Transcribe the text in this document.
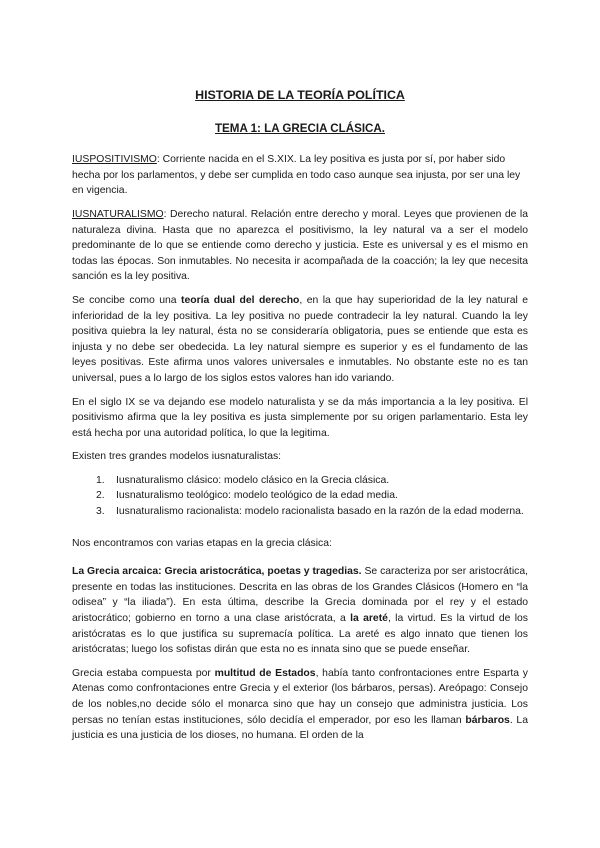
HISTORIA DE LA TEORÍA POLÍTICA
TEMA 1: LA GRECIA CLÁSICA.

IUSPOSITIVISMO: Corriente nacida en el S.XIX. La ley positiva es justa por sí, por haber sido hecha por los parlamentos, y debe ser cumplida en todo caso aunque sea injusta, por ser una ley en vigencia.

IUSNATURALISMO: Derecho natural. Relación entre derecho y moral. Leyes que provienen de la naturaleza divina. Hasta que no aparezca el positivismo, la ley natural va a ser el modelo predominante de lo que se entiende como derecho y justicia. Este es universal y es el mismo en todas las épocas. Son inmutables. No necesita ir acompañada de la coacción; la ley que necesita sanción es la ley positiva.

Se concibe como una teoría dual del derecho, en la que hay superioridad de la ley natural e inferioridad de la ley positiva. La ley positiva no puede contradecir la ley natural. Cuando la ley positiva quiebra la ley natural, ésta no se consideraría obligatoria, pues se entiende que esta es injusta y no debe ser obedecida. La ley natural siempre es superior y es el fundamento de las leyes positivas. Este afirma unos valores universales e inmutables. No obstante este no es tan universal, pues a lo largo de los siglos estos valores han ido variando.

En el siglo IX se va dejando ese modelo naturalista y se da más importancia a la ley positiva. El positivismo afirma que la ley positiva es justa simplemente por su origen parlamentario. Esta ley está hecha por una autoridad política, lo que la legitima.

Existen tres grandes modelos iusnaturalistas:

1.	Iusnaturalismo clásico: modelo clásico en la Grecia clásica.
2.	Iusnaturalismo teológico: modelo teológico de la edad media.
3.	Iusnaturalismo racionalista: modelo racionalista basado en la razón de la edad moderna.

Nos encontramos con varias etapas en la grecia clásica:

La Grecia arcaica: Grecia aristocrática, poetas y tragedias. Se caracteriza por ser aristocrática, presente en todas las instituciones. Descrita en las obras de los Grandes Clásicos (Homero en “la odisea” y “la iliada”). En esta última, describe la Grecia dominada por el rey y el estado aristocrático; gobierno en torno a una clase aristócrata, a la areté, la virtud. Es la virtud de los aristócratas es lo que justifica su supremacía política. La areté es algo innato que tienen los aristócratas; luego los sofistas dirán que esta no es innata sino que se puede enseñar.

Grecia estaba compuesta por multitud de Estados, había tanto confrontaciones entre Esparta y Atenas como confrontaciones entre Grecia y el exterior (los bárbaros, persas). Areópago: Consejo de los nobles,no decide sólo el monarca sino que hay un consejo que administra justicia. Los persas no tenían estas instituciones, sólo decidía el emperador, por eso les llaman bárbaros. La justicia es una justicia de los dioses, no humana. El orden de la
